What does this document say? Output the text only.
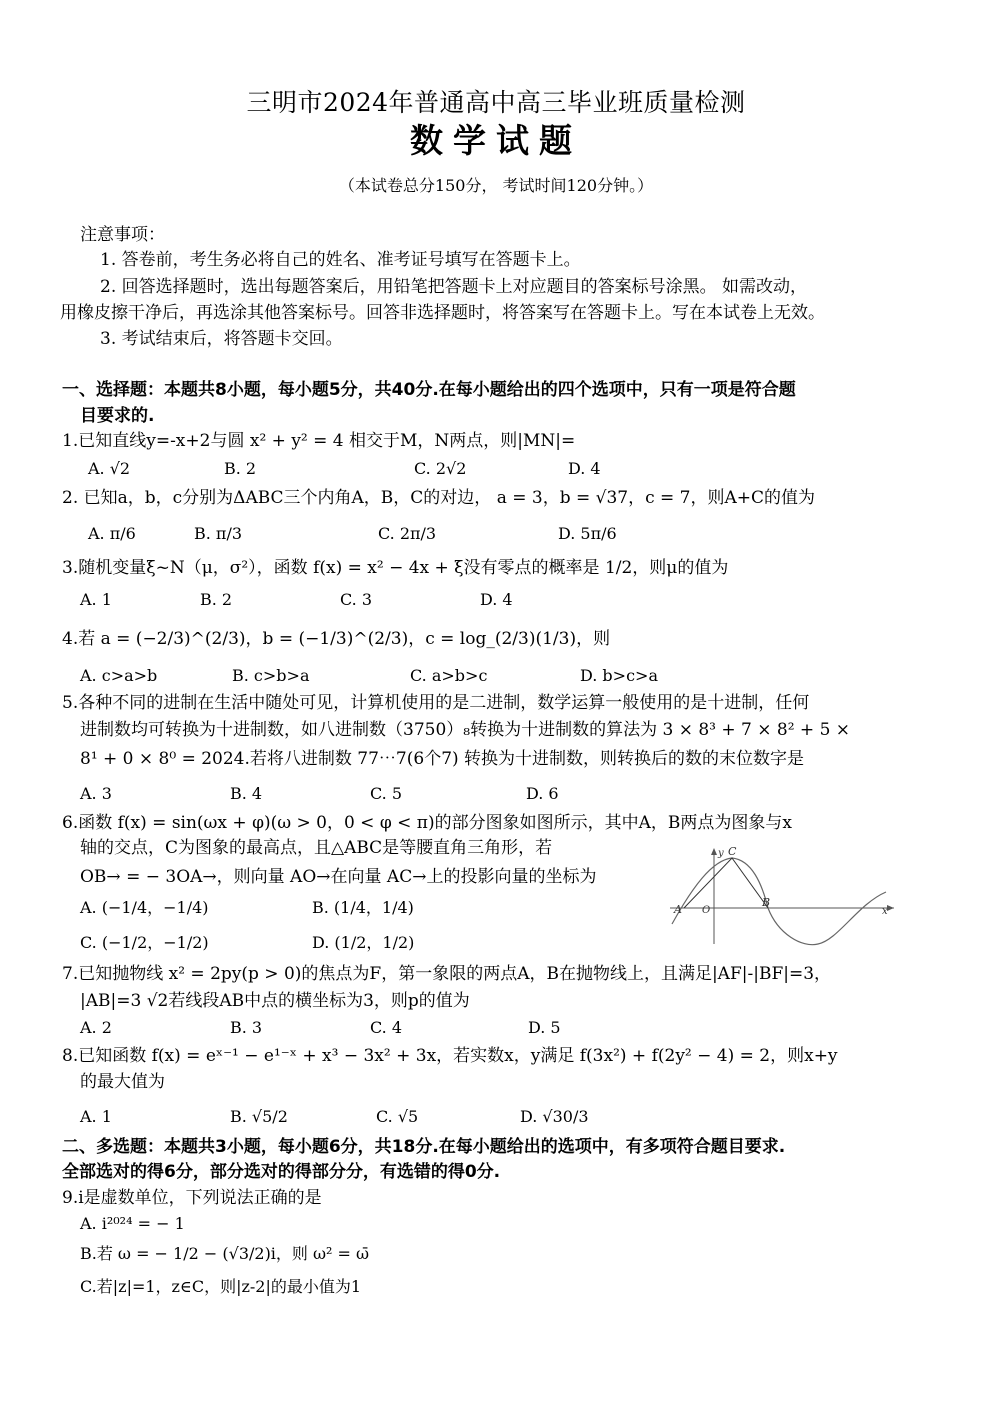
三明市2024年普通高中高三毕业班质量检测
数学试题
（本试卷总分150分， 考试时间120分钟。）
注意事项：
1. 答卷前，考生务必将自己的姓名、准考证号填写在答题卡上。
2. 回答选择题时，选出每题答案后，用铅笔把答题卡上对应题目的答案标号涂黑。 如需改动，
用橡皮擦干净后，再选涂其他答案标号。回答非选择题时，将答案写在答题卡上。写在本试卷上无效。
3. 考试结束后，将答题卡交回。
一、选择题：本题共8小题，每小题5分，共40分.在每小题给出的四个选项中，只有一项是符合题
目要求的.
1.已知直线y=-x+2与圆 x² + y² = 4 相交于M，N两点，则|MN|=
A. √2	B. 2	C. 2√2	D. 4
2. 已知a，b，c分别为ΔABC三个内角A，B，C的对边， a = 3，b = √37，c = 7，则A+C的值为
A. π/6	B. π/3	C. 2π/3	D. 5π/6
3.随机变量ξ~N（μ，σ²），函数 f(x) = x² − 4x + ξ没有零点的概率是 1/2，则μ的值为
A. 1	B. 2	C. 3	D. 4
4.若 a = (−2/3)^(2/3)，b = (−1/3)^(2/3)，c = log_(2/3)(1/3)，则
A. c>a>b	B. c>b>a	C. a>b>c	D. b>c>a
5.各种不同的进制在生活中随处可见，计算机使用的是二进制，数学运算一般使用的是十进制，任何
进制数均可转换为十进制数，如八进制数（3750）₈转换为十进制数的算法为 3 × 8³ + 7 × 8² + 5 ×
8¹ + 0 × 8⁰ = 2024.若将八进制数 77⋯7(6个7) 转换为十进制数，则转换后的数的末位数字是
A. 3	B. 4	C. 5	D. 6
6.函数 f(x) = sin(ωx + φ)(ω > 0，0 < φ < π)的部分图象如图所示，其中A，B两点为图象与x
轴的交点，C为图象的最高点，且△ABC是等腰直角三角形，若
OB→ = − 3OA→，则向量 AO→在向量 AC→上的投影向量的坐标为
A. (−1/4，−1/4)	B. (1/4，1/4)
C. (−1/2，−1/2)	D. (1/2，1/2)
y C
A O
B
x
7.已知抛物线 x² = 2py(p > 0)的焦点为F，第一象限的两点A，B在抛物线上，且满足|AF|-|BF|=3，
|AB|=3 √2若线段AB中点的横坐标为3，则p的值为
A. 2	B. 3	C. 4	D. 5
8.已知函数 f(x) = eˣ⁻¹ − e¹⁻ˣ + x³ − 3x² + 3x，若实数x，y满足 f(3x²) + f(2y² − 4) = 2，则x+y
的最大值为
A. 1	B. √5/2	C. √5	D. √30/3
二、多选题：本题共3小题，每小题6分，共18分.在每小题给出的选项中，有多项符合题目要求.
全部选对的得6分，部分选对的得部分分，有选错的得0分.
9.i是虚数单位，下列说法正确的是
A. i²⁰²⁴ = − 1
B.若 ω = − 1/2 − (√3/2)i，则 ω² = ω̄
C.若|z|=1，z∈C，则|z-2|的最小值为1
